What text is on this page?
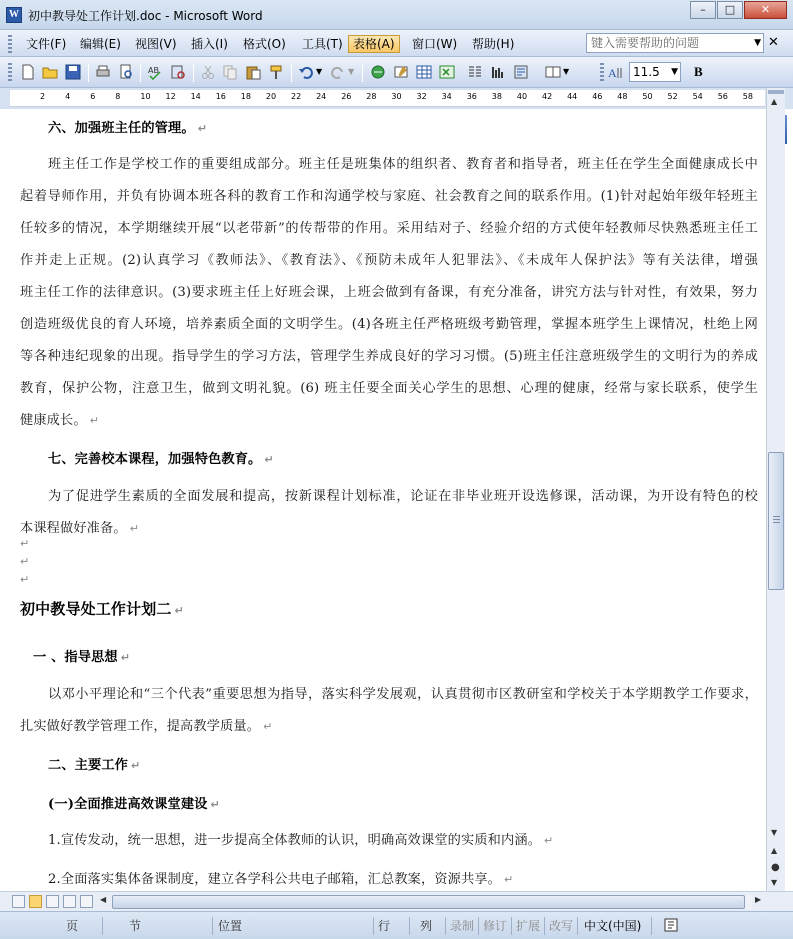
W 初中教导处工作计划.doc - Microsoft Word	–	□	✕
文件(F)	编辑(E)	视图(V)	插入(I)	格式(O)	工具(T) 表格(A)	窗口(W)	帮助(H)	键入需要帮助的问题	▼ ✕
AB	▼	▼	▼	A	11.5 ▼ B
2	4	6	8	10 12 14 16 18 20 22 24 26 28 30 32 34 36 38 40 42 44 46 48 50 52 54 56 58
六、加强班主任的管理。 ↵
班主任工作是学校工作的重要组成部分。班主任是班集体的组织者、教育者和指导者，班主任在学生全面健康成长中
起着导师作用，并负有协调本班各科的教育工作和沟通学校与家庭、社会教育之间的联系作用。(1)针对起始年级年轻班主
任较多的情况，本学期继续开展“以老带新”的传帮带的作用。采用结对子、经验介绍的方式使年轻教师尽快熟悉班主任工
作并走上正规。(2)认真学习《教师法》、《教育法》、《预防未成年人犯罪法》、《未成年人保护法》等有关法律，增强
班主任工作的法律意识。(3)要求班主任上好班会课，上班会做到有备课，有充分准备，讲究方法与针对性，有效果，努力
创造班级优良的育人环境，培养素质全面的文明学生。(4)各班主任严格班级考勤管理，掌握本班学生上课情况，杜绝上网
等各种违纪现象的出现。指导学生的学习方法，管理学生养成良好的学习习惯。(5)班主任注意班级学生的文明行为的养成
教育，保护公物，注意卫生，做到文明礼貌。(6) 班主任要全面关心学生的思想、心理的健康，经常与家长联系，使学生
健康成长。 ↵
七、完善校本课程，加强特色教育。 ↵
为了促进学生素质的全面发展和提高，按新课程计划标准，论证在非毕业班开设选修课，活动课，为开设有特色的校
本课程做好准备。 ↵
初中教导处工作计划二 ↵
一 、指导思想 ↵
以邓小平理论和“三个代表”重要思想为指导，落实科学发展观，认真贯彻市区教研室和学校关于本学期教学工作要求，
扎实做好教学管理工作，提高教学质量。 ↵
二、主要工作 ↵
(一)全面推进高效课堂建设 ↵
1.宣传发动，统一思想，进一步提高全体教师的认识，明确高效课堂的实质和内涵。 ↵
2.全面落实集体备课制度，建立各学科公共电子邮箱，汇总教案，资源共享。 ↵
↵
↵
↵
▲
▼
▲
●
▼
◀	▶
页	节	位置	行	列	录制 修订 扩展 改写 中文(中国)
